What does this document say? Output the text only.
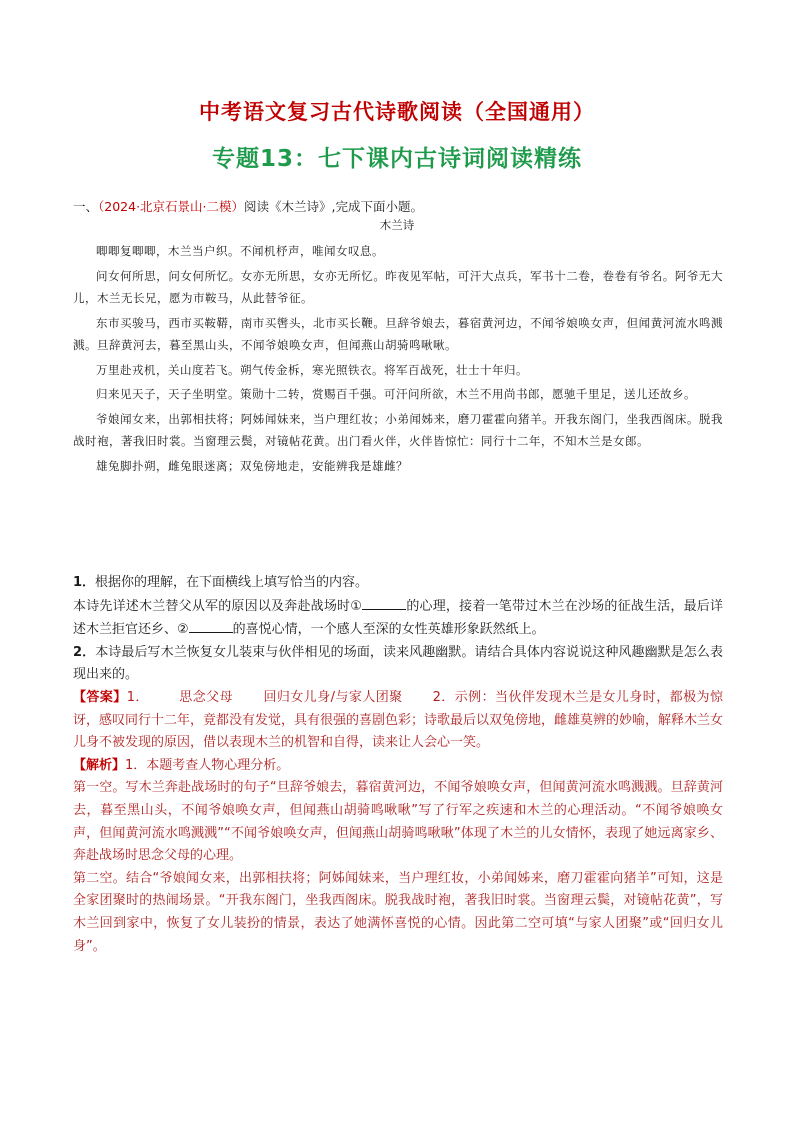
中考语文复习古代诗歌阅读（全国通用）
专题13：七下课内古诗词阅读精练
一、（2024·北京石景山·二模）阅读《木兰诗》,完成下面小题。
木兰诗

唧唧复唧唧，木兰当户织。不闻机杼声，唯闻女叹息。

问女何所思，问女何所忆。女亦无所思，女亦无所忆。昨夜见军帖，可汗大点兵，军书十二卷，卷卷有爷名。阿爷无大儿，木兰无长兄，愿为市鞍马，从此替爷征。

东市买骏马，西市买鞍鞯，南市买辔头，北市买长鞭。旦辞爷娘去，暮宿黄河边，不闻爷娘唤女声，但闻黄河流水鸣溅溅。旦辞黄河去，暮至黑山头，不闻爷娘唤女声，但闻燕山胡骑鸣啾啾。

万里赴戎机，关山度若飞。朔气传金柝，寒光照铁衣。将军百战死，壮士十年归。

归来见天子，天子坐明堂。策勋十二转，赏赐百千强。可汗问所欲，木兰不用尚书郎，愿驰千里足，送儿还故乡。

爷娘闻女来，出郭相扶将；阿姊闻妹来，当户理红妆；小弟闻姊来，磨刀霍霍向猪羊。开我东阁门，坐我西阁床。脱我战时袍，著我旧时裳。当窗理云鬓，对镜帖花黄。出门看火伴，火伴皆惊忙：同行十二年，不知木兰是女郎。

雄兔脚扑朔，雌兔眼迷离；双兔傍地走，安能辨我是雄雌？

1．根据你的理解，在下面横线上填写恰当的内容。

本诗先详述木兰替父从军的原因以及奔赴战场时①	的心理，接着一笔带过木兰在沙场的征战生活，最后详述木兰拒官还乡、②	的喜悦心情，一个感人至深的女性英雄形象跃然纸上。

2．本诗最后写木兰恢复女儿装束与伙伴相见的场面，读来风趣幽默。请结合具体内容说说这种风趣幽默是怎么表现出来的。

【答案】1． 思念父母 回归女儿身/与家人团聚 2．示例：当伙伴发现木兰是女儿身时，都极为惊讶，感叹同行十二年，竟都没有发觉，具有很强的喜剧色彩；诗歌最后以双兔傍地，雌雄莫辨的妙喻，解释木兰女儿身不被发现的原因，借以表现木兰的机智和自得，读来让人会心一笑。

【解析】1．本题考查人物心理分析。

第一空。写木兰奔赴战场时的句子“旦辞爷娘去，暮宿黄河边，不闻爷娘唤女声，但闻黄河流水鸣溅溅。旦辞黄河去，暮至黑山头，不闻爷娘唤女声，但闻燕山胡骑鸣啾啾”写了行军之疾速和木兰的心理活动。“不闻爷娘唤女声，但闻黄河流水鸣溅溅”“不闻爷娘唤女声，但闻燕山胡骑鸣啾啾”体现了木兰的儿女情怀，表现了她远离家乡、奔赴战场时思念父母的心理。

第二空。结合“爷娘闻女来，出郭相扶将；阿姊闻妹来，当户理红妆，小弟闻姊来，磨刀霍霍向猪羊”可知，这是全家团聚时的热闹场景。“开我东阁门，坐我西阁床。脱我战时袍，著我旧时裳。当窗理云鬓，对镜帖花黄”，写木兰回到家中，恢复了女儿装扮的情景，表达了她满怀喜悦的心情。因此第二空可填“与家人团聚”或“回归女儿身”。
